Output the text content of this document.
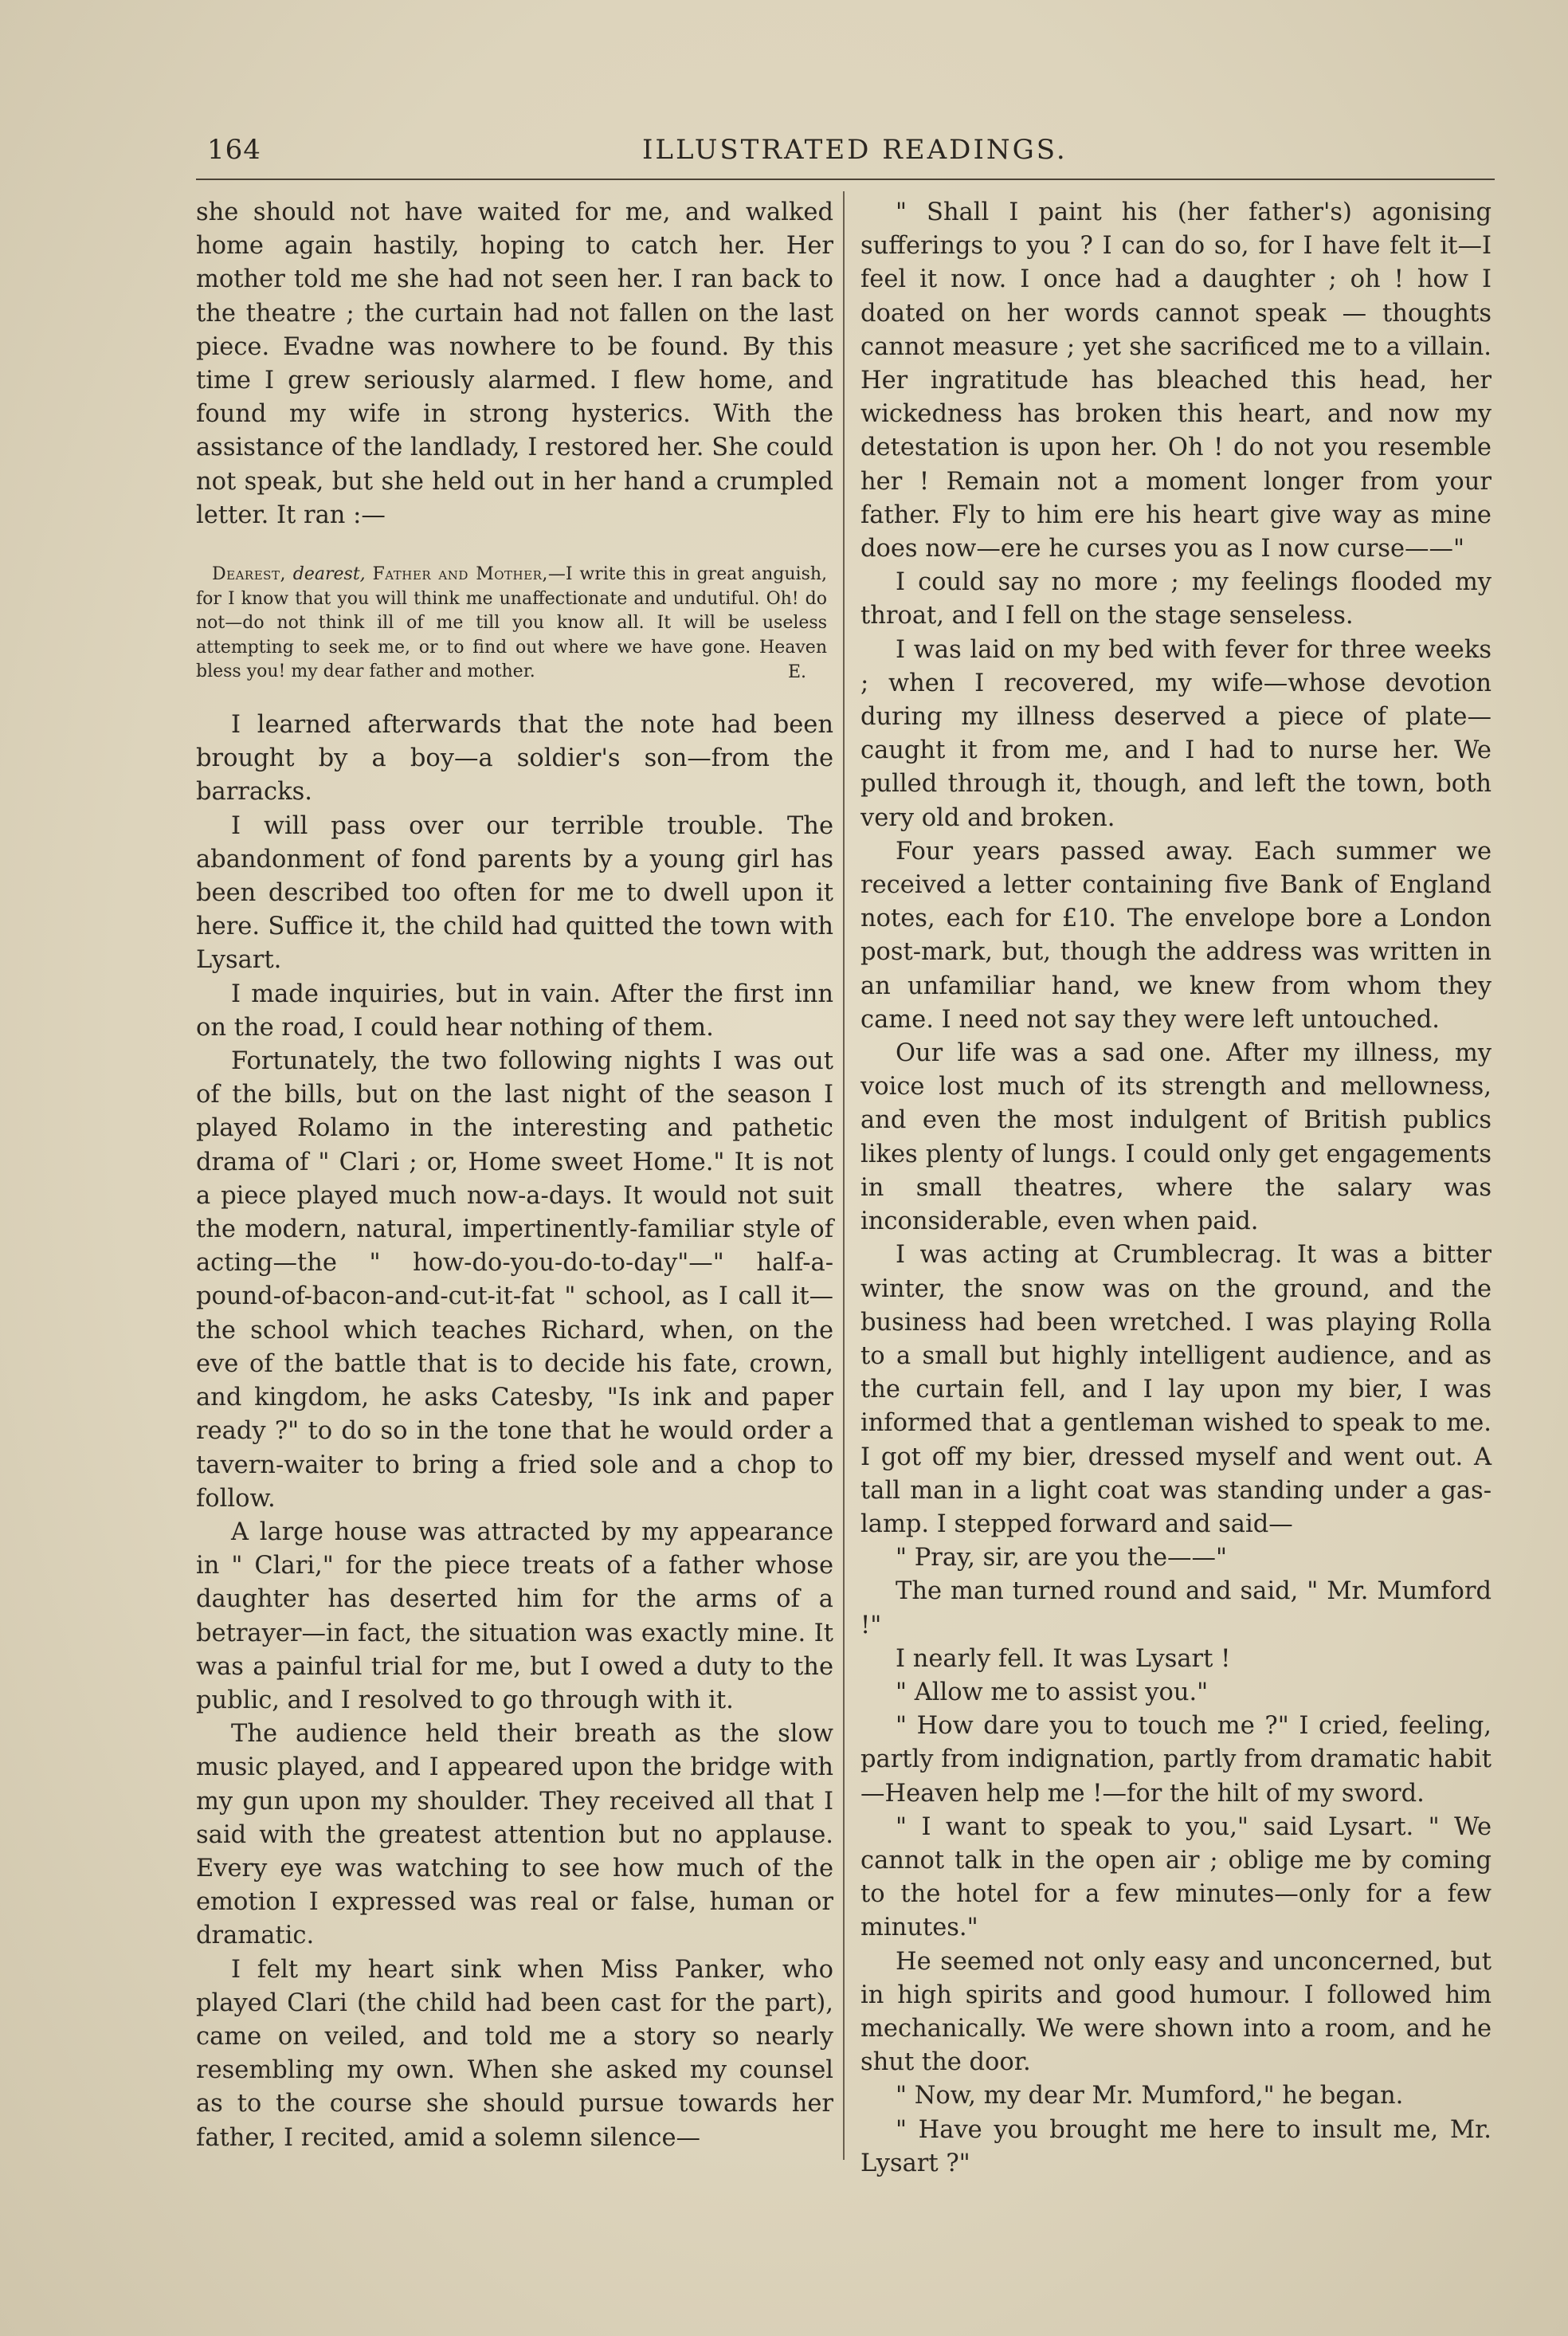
164	ILLUSTRATED READINGS.

she should not have waited for me, and walked home again hastily, hoping to catch her. Her mother told me she had not seen her. I ran back to the theatre ; the curtain had not fallen on the last piece. Evadne was nowhere to be found. By this time I grew seriously alarmed. I flew home, and found my wife in strong hysterics. With the assistance of the landlady, I restored her. She could not speak, but she held out in her hand a crumpled letter. It ran :—

Dearest, dearest, Father and Mother,—I write this in great anguish, for I know that you will think me unaffectionate and undutiful. Oh! do not—do not think ill of me till you know all. It will be useless attempting to seek me, or to find out where we have gone. Heaven bless you! my dear father and mother.	E.

I learned afterwards that the note had been brought by a boy—a soldier's son—from the barracks.

I will pass over our terrible trouble. The abandonment of fond parents by a young girl has been described too often for me to dwell upon it here. Suffice it, the child had quitted the town with Lysart.

I made inquiries, but in vain. After the first inn on the road, I could hear nothing of them.

Fortunately, the two following nights I was out of the bills, but on the last night of the season I played Rolamo in the interesting and pathetic drama of " Clari ; or, Home sweet Home." It is not a piece played much now-a-days. It would not suit the modern, natural, impertinently-familiar style of acting—the " how-do-you-do-to-day"—" half-a-pound-of-bacon-and-cut-it-fat " school, as I call it—the school which teaches Richard, when, on the eve of the battle that is to decide his fate, crown, and kingdom, he asks Catesby, "Is ink and paper ready ?" to do so in the tone that he would order a tavern-waiter to bring a fried sole and a chop to follow.

A large house was attracted by my appearance in " Clari," for the piece treats of a father whose daughter has deserted him for the arms of a betrayer—in fact, the situation was exactly mine. It was a painful trial for me, but I owed a duty to the public, and I resolved to go through with it.

The audience held their breath as the slow music played, and I appeared upon the bridge with my gun upon my shoulder. They received all that I said with the greatest attention but no applause. Every eye was watching to see how much of the emotion I expressed was real or false, human or dramatic.

I felt my heart sink when Miss Panker, who played Clari (the child had been cast for the part), came on veiled, and told me a story so nearly resembling my own. When she asked my counsel as to the course she should pursue towards her father, I recited, amid a solemn silence—

" Shall I paint his (her father's) agonising sufferings to you ? I can do so, for I have felt it—I feel it now. I once had a daughter ; oh ! how I doated on her words cannot speak — thoughts cannot measure ; yet she sacrificed me to a villain. Her ingratitude has bleached this head, her wickedness has broken this heart, and now my detestation is upon her. Oh ! do not you resemble her ! Remain not a moment longer from your father. Fly to him ere his heart give way as mine does now—ere he curses you as I now curse——"

I could say no more ; my feelings flooded my throat, and I fell on the stage senseless.

I was laid on my bed with fever for three weeks ; when I recovered, my wife—whose devotion during my illness deserved a piece of plate—caught it from me, and I had to nurse her. We pulled through it, though, and left the town, both very old and broken.

Four years passed away. Each summer we received a letter containing five Bank of England notes, each for £10. The envelope bore a London post-mark, but, though the address was written in an unfamiliar hand, we knew from whom they came. I need not say they were left untouched.

Our life was a sad one. After my illness, my voice lost much of its strength and mellowness, and even the most indulgent of British publics likes plenty of lungs. I could only get engagements in small theatres, where the salary was inconsiderable, even when paid.

I was acting at Crumblecrag. It was a bitter winter, the snow was on the ground, and the business had been wretched. I was playing Rolla to a small but highly intelligent audience, and as the curtain fell, and I lay upon my bier, I was informed that a gentleman wished to speak to me. I got off my bier, dressed myself and went out. A tall man in a light coat was standing under a gas-lamp. I stepped forward and said—

" Pray, sir, are you the——"

The man turned round and said, " Mr. Mumford !"

I nearly fell. It was Lysart !

" Allow me to assist you."

" How dare you to touch me ?" I cried, feeling, partly from indignation, partly from dramatic habit—Heaven help me !—for the hilt of my sword.

" I want to speak to you," said Lysart. " We cannot talk in the open air ; oblige me by coming to the hotel for a few minutes—only for a few minutes."

He seemed not only easy and unconcerned, but in high spirits and good humour. I followed him mechanically. We were shown into a room, and he shut the door.

" Now, my dear Mr. Mumford," he began.

" Have you brought me here to insult me, Mr. Lysart ?"
